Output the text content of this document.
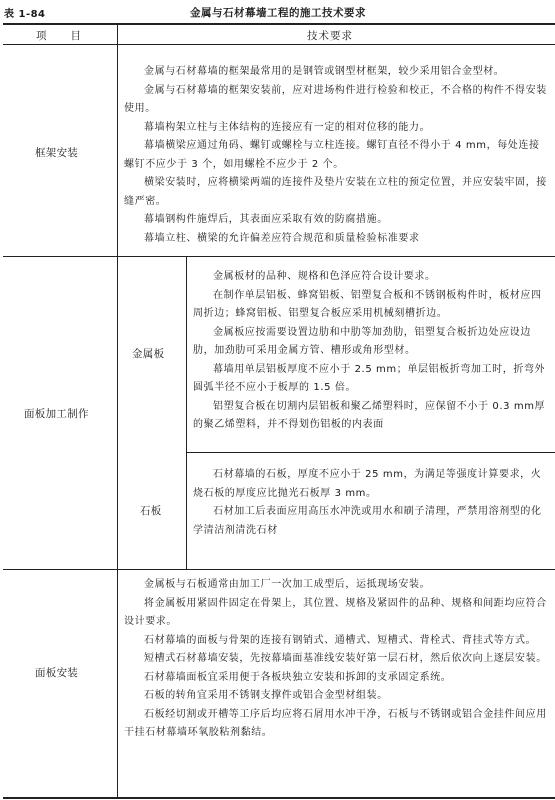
表 1-84	金属与石材幕墙工程的施工技术要求
项　　目	技术要求
框架安装

金属与石材幕墙的框架最常用的是钢管或钢型材框架，较少采用铝合金型材。

金属与石材幕墙的框架安装前，应对进场构件进行检验和校正，不合格的构件不得安装使用。

幕墙构架立柱与主体结构的连接应有一定的相对位移的能力。

幕墙横梁应通过角码、螺钉或螺栓与立柱连接。螺钉直径不得小于 4 mm，每处连接螺钉不应少于 3 个，如用螺栓不应少于 2 个。

横梁安装时，应将横梁两端的连接件及垫片安装在立柱的预定位置，并应安装牢固，接缝严密。

幕墙钢构件施焊后，其表面应采取有效的防腐措施。

幕墙立柱、横梁的允许偏差应符合规范和质量检验标准要求

面板加工制作
金属板

金属板材的品种、规格和色泽应符合设计要求。

在制作单层铝板、蜂窝铝板、铝塑复合板和不锈钢板构件时，板材应四周折边；蜂窝铝板、铝塑复合板应采用机械刻槽折边。

金属板应按需要设置边肋和中肋等加劲肋，铝塑复合板折边处应设边肋，加劲肋可采用金属方管、槽形或角形型材。

幕墙用单层铝板厚度不应小于 2.5 mm；单层铝板折弯加工时，折弯外圆弧半径不应小于板厚的 1.5 倍。

铝塑复合板在切割内层铝板和聚乙烯塑料时，应保留不小于 0.3 mm厚的聚乙烯塑料，并不得划伤铝板的内表面

石板

石材幕墙的石板，厚度不应小于 25 mm，为满足等强度计算要求，火烧石板的厚度应比抛光石板厚 3 mm。

石材加工后表面应用高压水冲洗或用水和刷子清理，严禁用溶剂型的化学清洁剂清洗石材

面板安装

金属板与石板通常由加工厂一次加工成型后，运抵现场安装。

将金属板用紧固件固定在骨架上，其位置、规格及紧固件的品种、规格和间距均应符合设计要求。

石材幕墙的面板与骨架的连接有钢销式、通槽式、短槽式、背栓式、背挂式等方式。

短槽式石材幕墙安装，先按幕墙面基准线安装好第一层石材，然后依次向上逐层安装。

石材幕墙面板宜采用便于各板块独立安装和拆卸的支承固定系统。

石板的转角宜采用不锈钢支撑件或铝合金型材组装。

石板经切割或开槽等工序后均应将石屑用水冲干净，石板与不锈钢或铝合金挂件间应用干挂石材幕墙环氧胶粘剂黏结。
